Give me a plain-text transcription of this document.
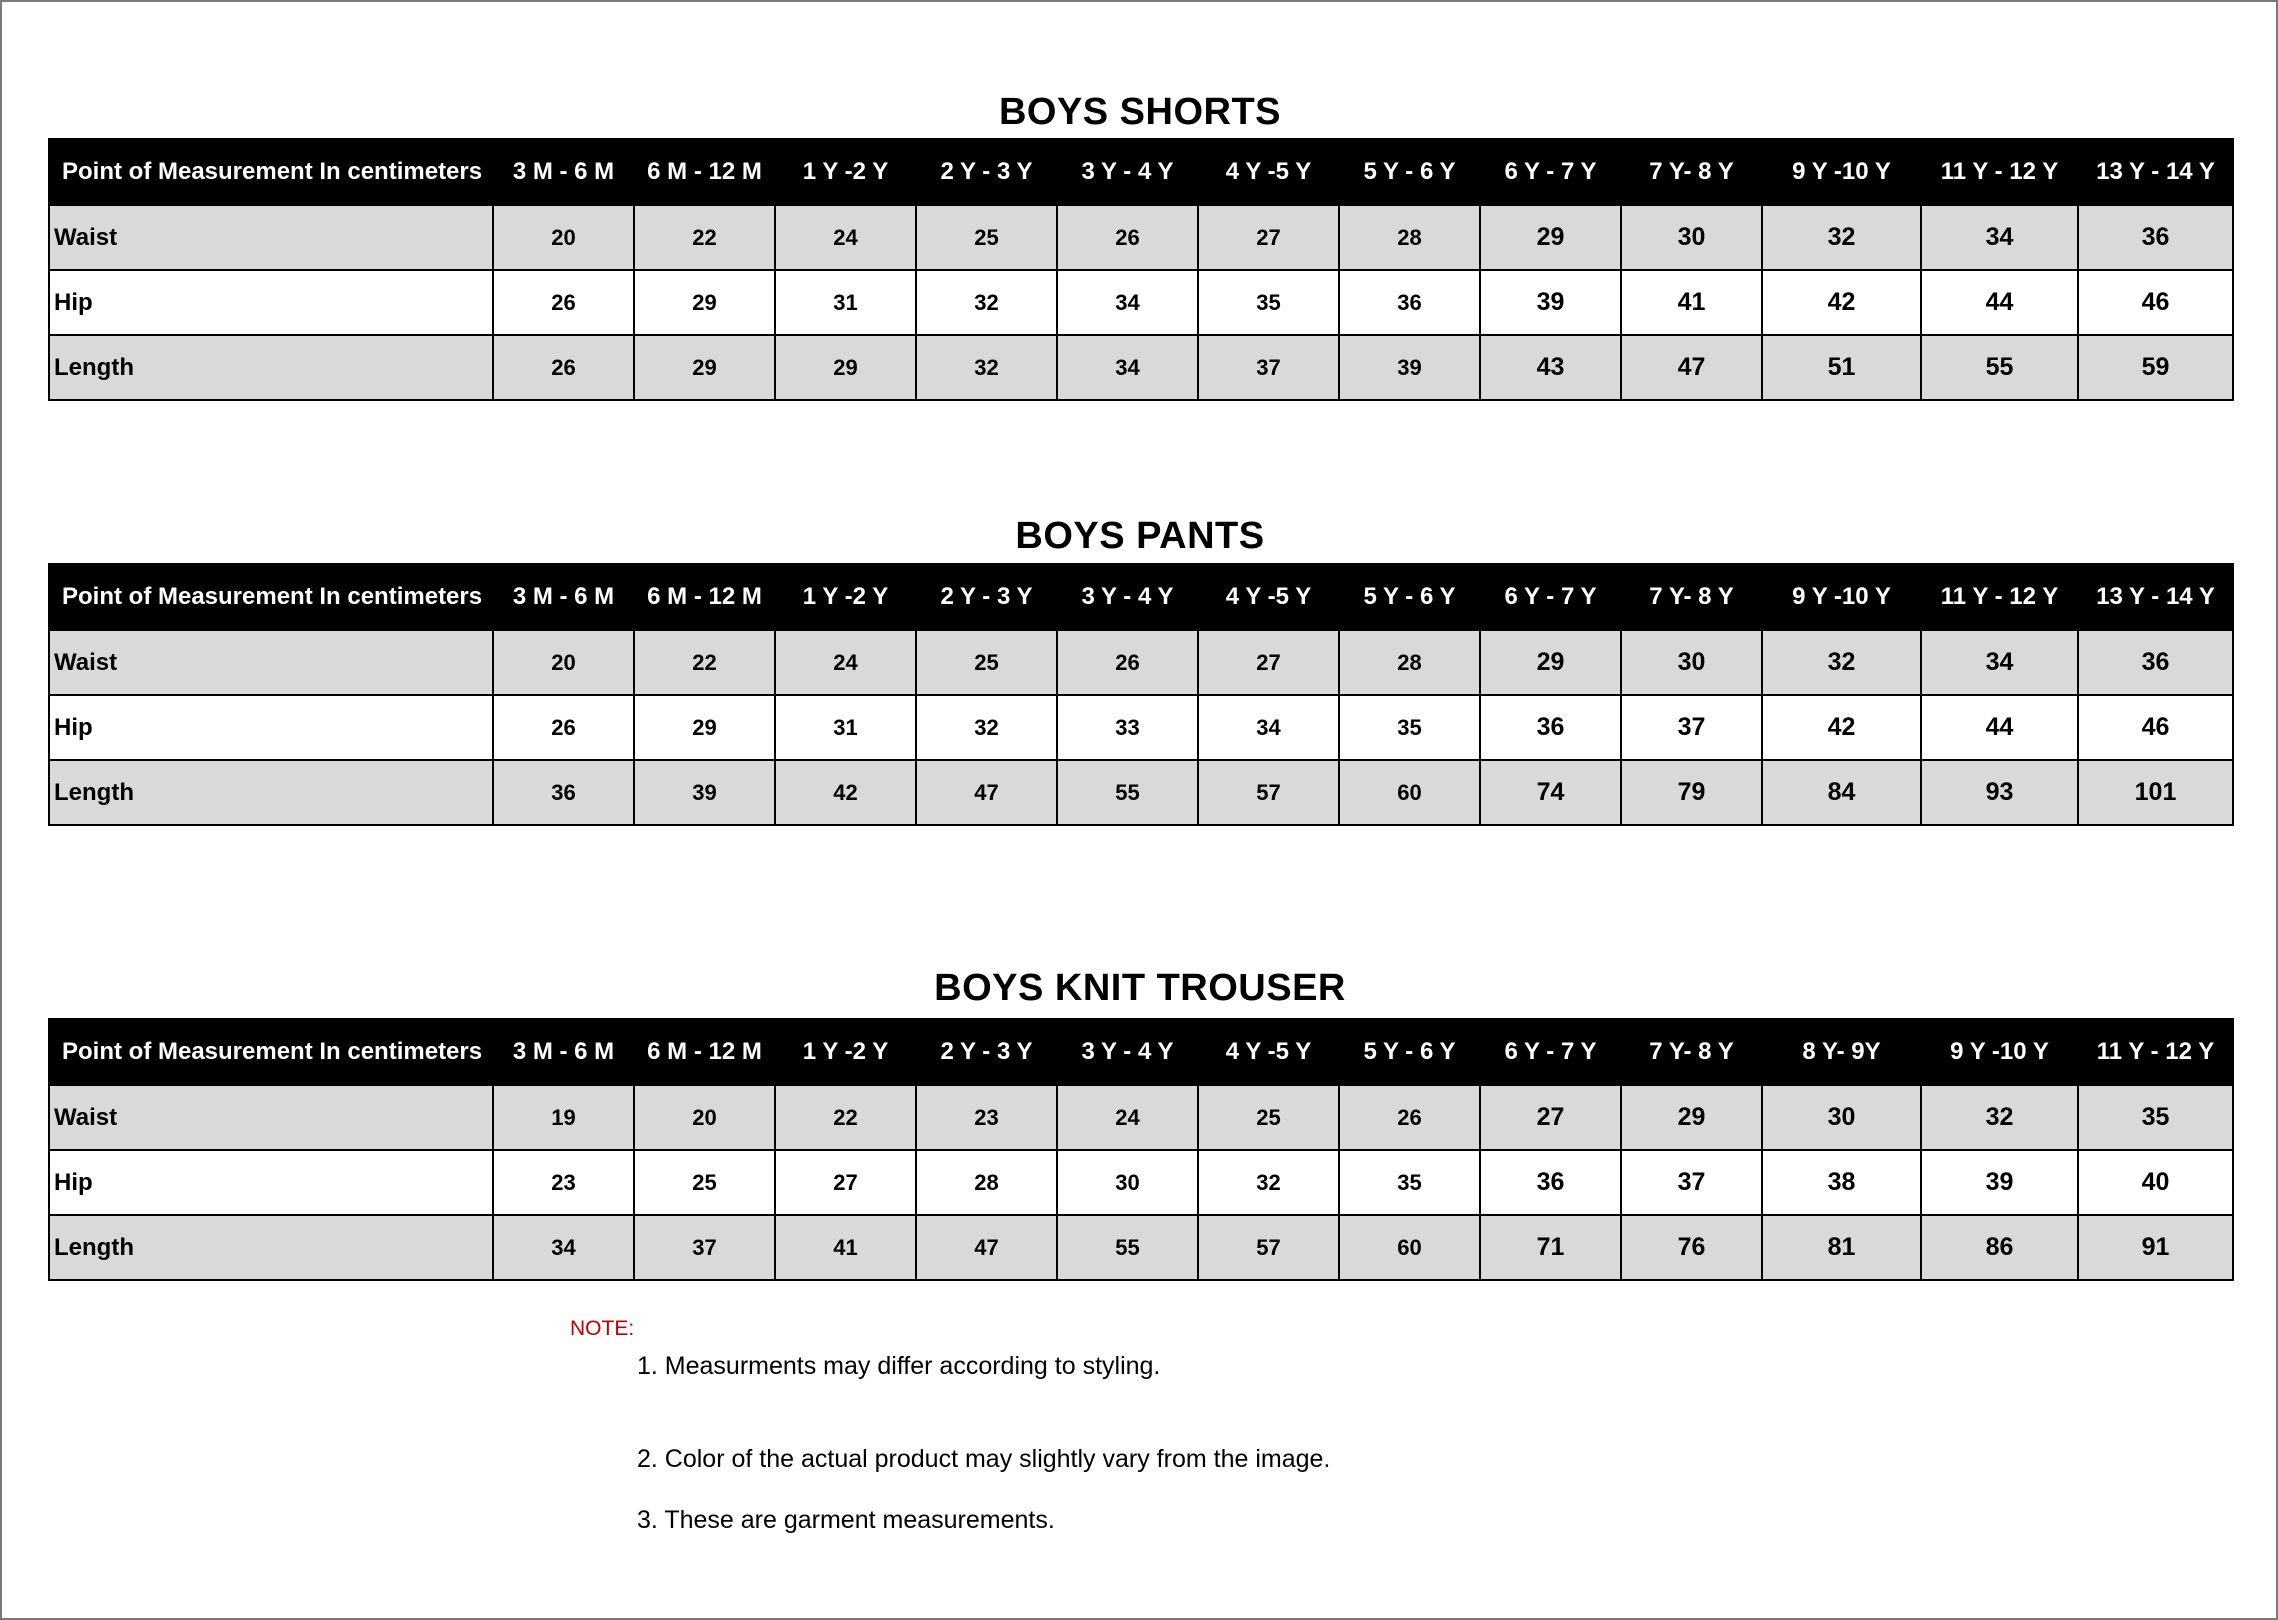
BOYS SHORTS
Point of Measurement In centimeters	3 M - 6 M	6 M - 12 M	1 Y -2 Y	2 Y - 3 Y	3 Y - 4 Y	4 Y -5 Y	5 Y - 6 Y	6 Y - 7 Y	7 Y- 8 Y	9 Y -10 Y	11 Y - 12 Y	13 Y - 14 Y
Waist	20	22	24	25	26	27	28	29	30	32	34	36
Hip	26	29	31	32	34	35	36	39	41	42	44	46
Length	26	29	29	32	34	37	39	43	47	51	55	59
BOYS PANTS
Point of Measurement In centimeters	3 M - 6 M	6 M - 12 M	1 Y -2 Y	2 Y - 3 Y	3 Y - 4 Y	4 Y -5 Y	5 Y - 6 Y	6 Y - 7 Y	7 Y- 8 Y	9 Y -10 Y	11 Y - 12 Y	13 Y - 14 Y
Waist	20	22	24	25	26	27	28	29	30	32	34	36
Hip	26	29	31	32	33	34	35	36	37	42	44	46
Length	36	39	42	47	55	57	60	74	79	84	93	101
BOYS KNIT TROUSER
Point of Measurement In centimeters	3 M - 6 M	6 M - 12 M	1 Y -2 Y	2 Y - 3 Y	3 Y - 4 Y	4 Y -5 Y	5 Y - 6 Y	6 Y - 7 Y	7 Y- 8 Y	8 Y- 9Y	9 Y -10 Y	11 Y - 12 Y
Waist	19	20	22	23	24	25	26	27	29	30	32	35
Hip	23	25	27	28	30	32	35	36	37	38	39	40
Length	34	37	41	47	55	57	60	71	76	81	86	91
NOTE:
1. Measurments may differ according to styling.
2. Color of the actual product may slightly vary from the image.
3. These are garment measurements.
